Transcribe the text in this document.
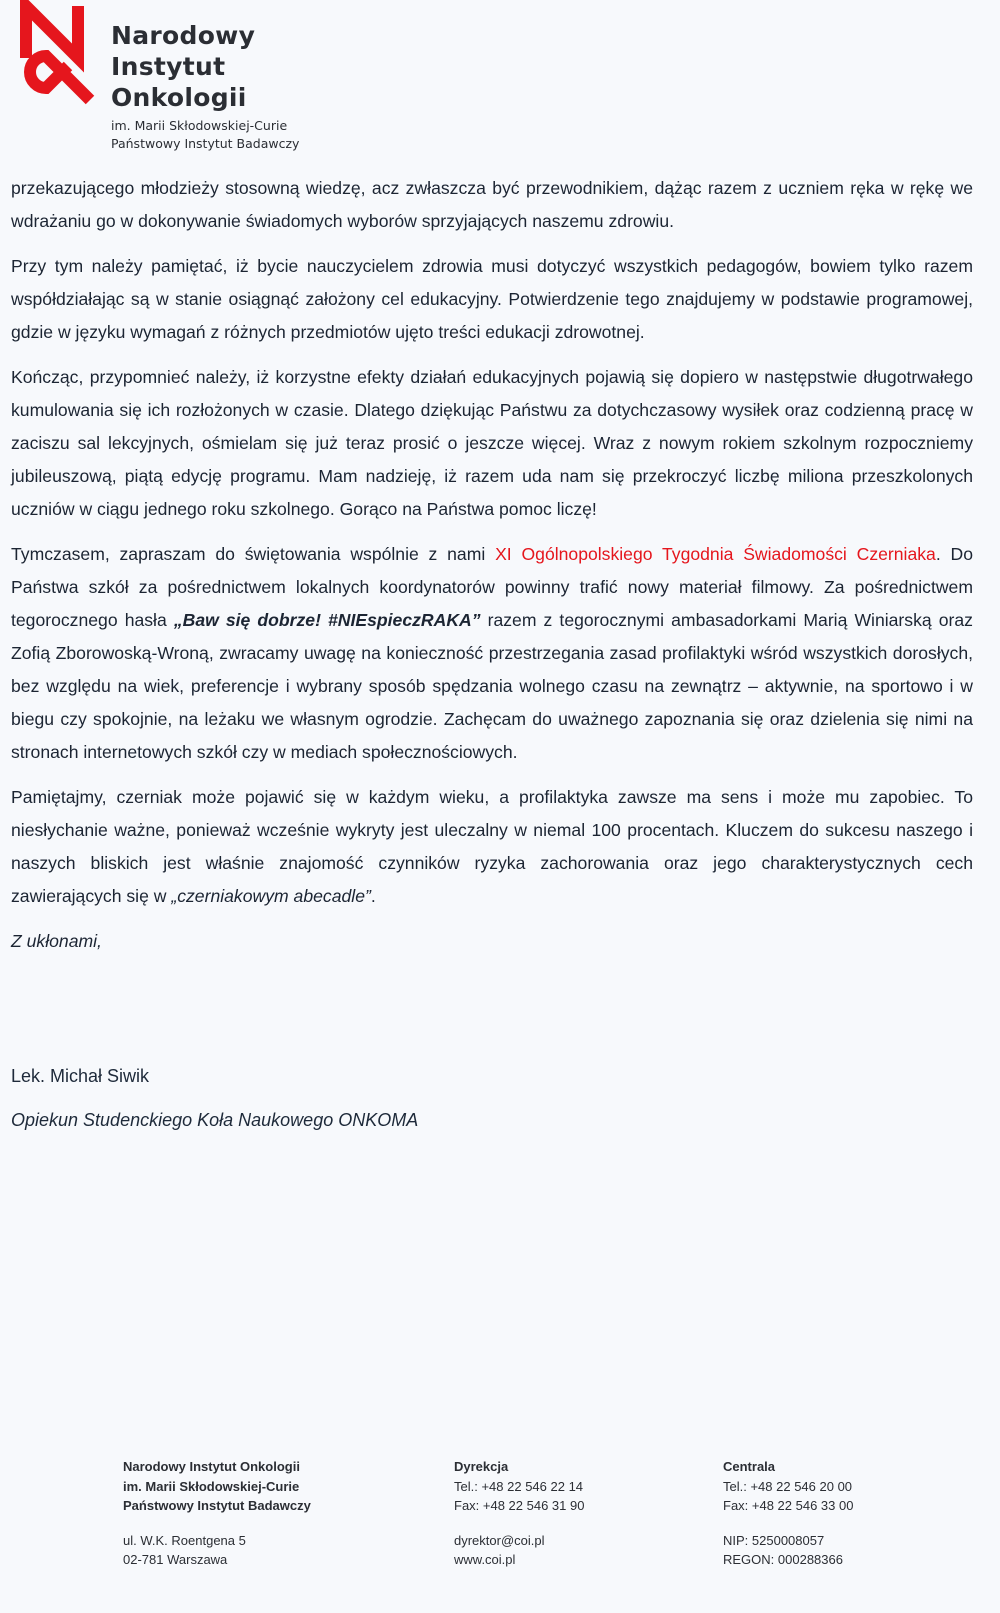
Narodowy
Instytut
Onkologii
im. Marii Skłodowskiej-Curie
Państwowy Instytut Badawczy

przekazującego młodzieży stosowną wiedzę, acz zwłaszcza być przewodnikiem, dążąc razem z uczniem ręka w rękę we wdrażaniu go w dokonywanie świadomych wyborów sprzyjających naszemu zdrowiu.

Przy tym należy pamiętać, iż bycie nauczycielem zdrowia musi dotyczyć wszystkich pedagogów, bowiem tylko razem współdziałając są w stanie osiągnąć założony cel edukacyjny. Potwierdzenie tego znajdujemy w podstawie programowej, gdzie w języku wymagań z różnych przedmiotów ujęto treści edukacji zdrowotnej.

Kończąc, przypomnieć należy, iż korzystne efekty działań edukacyjnych pojawią się dopiero w następstwie długotrwałego kumulowania się ich rozłożonych w czasie. Dlatego dziękując Państwu za dotychczasowy wysiłek oraz codzienną pracę w zaciszu sal lekcyjnych, ośmielam się już teraz prosić o jeszcze więcej. Wraz z nowym rokiem szkolnym rozpoczniemy jubileuszową, piątą edycję programu. Mam nadzieję, iż razem uda nam się przekroczyć liczbę miliona przeszkolonych uczniów w ciągu jednego roku szkolnego. Gorąco na Państwa pomoc liczę!

Tymczasem, zapraszam do świętowania wspólnie z nami XI Ogólnopolskiego Tygodnia Świadomości Czerniaka. Do Państwa szkół za pośrednictwem lokalnych koordynatorów powinny trafić nowy materiał filmowy. Za pośrednictwem tegorocznego hasła „Baw się dobrze! #NIEspieczRAKA” razem z tegorocznymi ambasadorkami Marią Winiarską oraz Zofią Zborowoską-Wroną, zwracamy uwagę na konieczność przestrzegania zasad profilaktyki wśród wszystkich dorosłych, bez względu na wiek, preferencje i wybrany sposób spędzania wolnego czasu na zewnątrz – aktywnie, na sportowo i w biegu czy spokojnie, na leżaku we własnym ogrodzie. Zachęcam do uważnego zapoznania się oraz dzielenia się nimi na stronach internetowych szkół czy w mediach społecznościowych.

Pamiętajmy, czerniak może pojawić się w każdym wieku, a profilaktyka zawsze ma sens i może mu zapobiec. To niesłychanie ważne, ponieważ wcześnie wykryty jest uleczalny w niemal 100 procentach. Kluczem do sukcesu naszego i naszych bliskich jest właśnie znajomość czynników ryzyka zachorowania oraz jego charakterystycznych cech zawierających się w „czerniakowym abecadle”.

Z ukłonami,

Lek. Michał Siwik
Opiekun Studenckiego Koła Naukowego ONKOMA
Narodowy Instytut Onkologii
im. Marii Skłodowskiej-Curie
Państwowy Instytut Badawczy
ul. W.K. Roentgena 5
02-781 Warszawa
Dyrekcja
Tel.: +48 22 546 22 14
Fax: +48 22 546 31 90
dyrektor@coi.pl
www.coi.pl
Centrala
Tel.: +48 22 546 20 00
Fax: +48 22 546 33 00
NIP: 5250008057
REGON: 000288366
